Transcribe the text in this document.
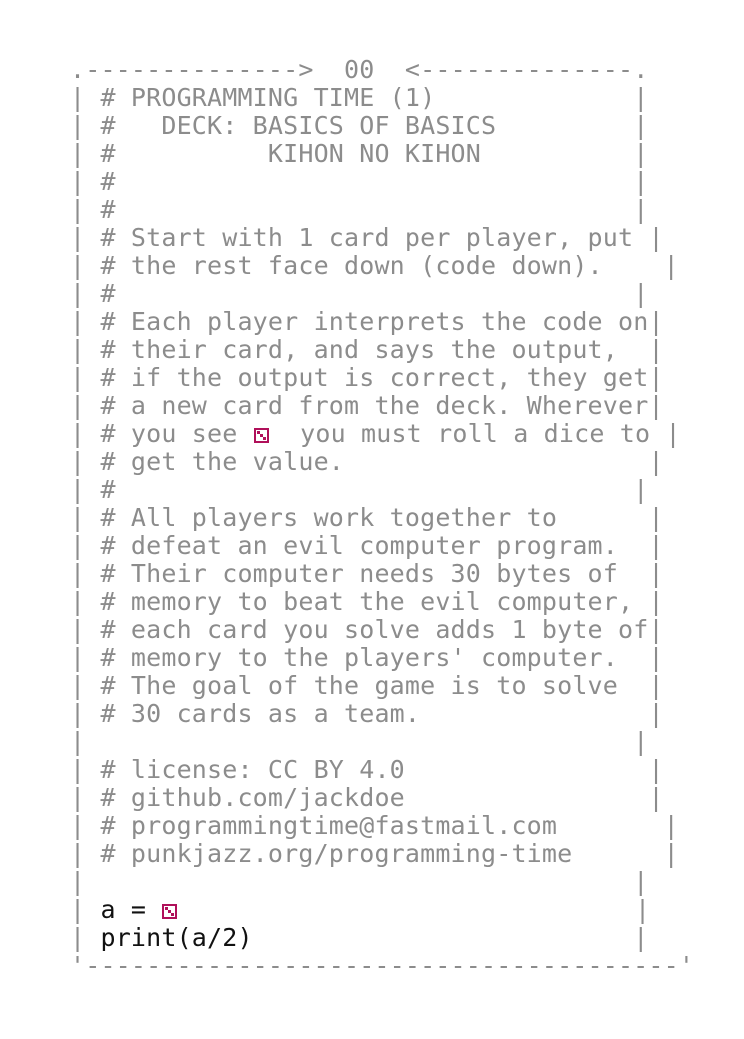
.--------------> 00 <--------------.
| # PROGRAMMING TIME (1)	|
| #   DECK: BASICS OF BASICS	|
| #          KIHON NO KIHON	|
| #	|
| #	|
| # Start with 1 card per player, put |
| # the rest face down (code down). |
| #	|
| # Each player interprets the code on|
| # their card, and says the output, |
| # if the output is correct, they get|
| # a new card from the deck. Wherever|
| # you see
you must roll a dice to |
| # get the value.	|
| #	|
| # All players work together to	|
| # defeat an evil computer program. |
| # Their computer needs 30 bytes of |
| # memory to beat the evil computer, |
| # each card you solve adds 1 byte of|
| # memory to the players' computer. |
| # The goal of the game is to solve |
| # 30 cards as a team.	|
|	|
| # license: CC BY 4.0	|
| # github.com/jackdoe	|
| # programmingtime@fastmail.com	|
| # punkjazz.org/programming-time	|
|	|
| a =	|
| print(a/2)	|
'---------------------------------------'
